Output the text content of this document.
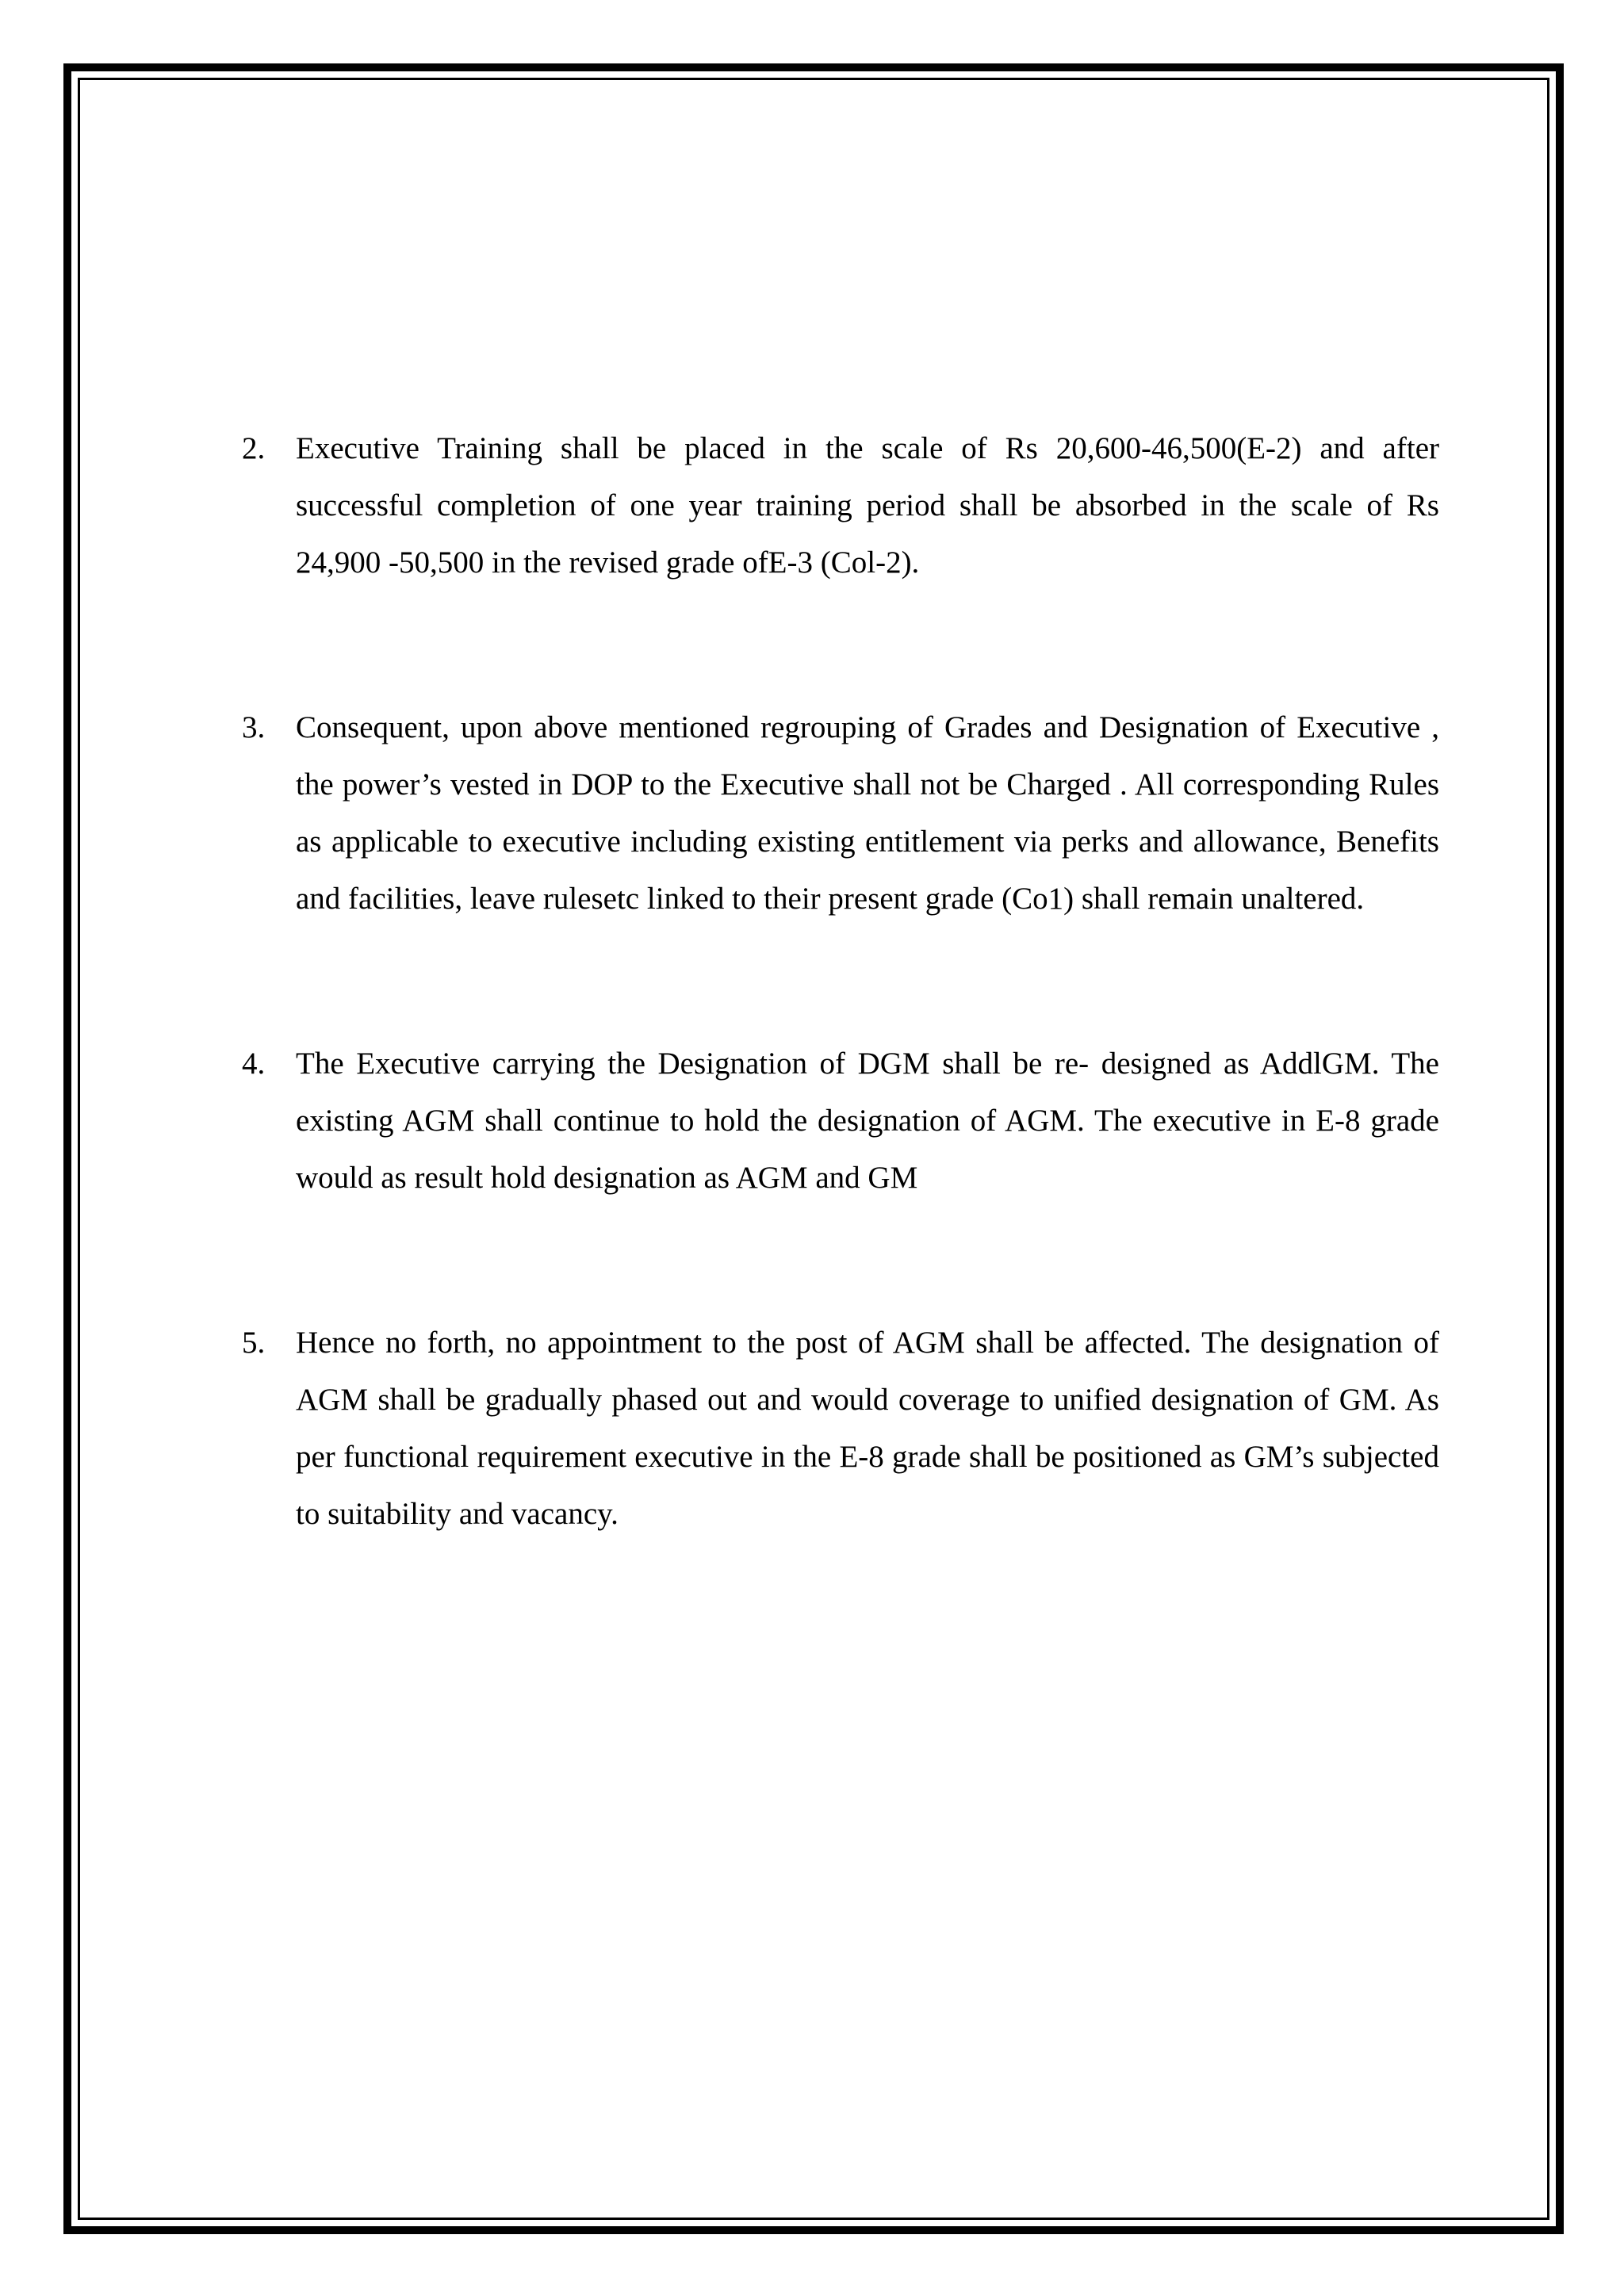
2. Executive Training shall be placed in the scale of Rs 20,600-46,500(E-2) and after successful completion of one year training period shall be absorbed in the scale of Rs 24,900 -50,500 in the revised grade ofE-3 (Col-2).
3. Consequent, upon above mentioned regrouping of Grades and Designation of Executive , the power’s vested in DOP to the Executive shall not be Charged . All corresponding Rules as applicable to executive including existing entitlement via perks and allowance, Benefits and facilities, leave rulesetc linked to their present grade (Co1) shall remain unaltered.
4. The Executive carrying the Designation of DGM shall be re- designed as AddlGM. The existing AGM shall continue to hold the designation of AGM. The executive in E-8 grade would as result hold designation as AGM and GM
5. Hence no forth, no appointment to the post of AGM shall be affected. The designation of AGM shall be gradually phased out and would coverage to unified designation of GM. As per functional requirement executive in the E-8 grade shall be positioned as GM’s subjected to suitability and vacancy.
